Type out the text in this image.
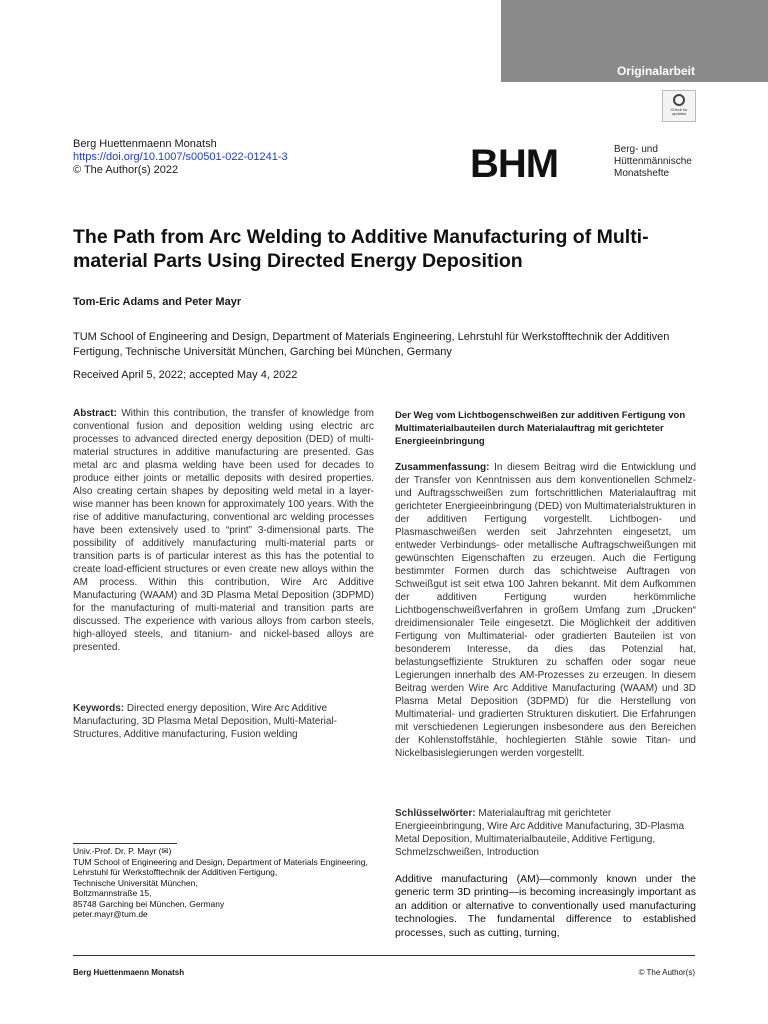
Originalarbeit
Check for
updates
Berg Huettenmaenn Monatsh
https://doi.org/10.1007/s00501-022-01241-3
© The Author(s) 2022	BHM	Berg- und
Hüttenmännische
Monatshefte
The Path from Arc Welding to Additive Manufacturing of Multi-material Parts Using Directed Energy Deposition
Tom-Eric Adams and Peter Mayr
TUM School of Engineering and Design, Department of Materials Engineering, Lehrstuhl für Werkstofftechnik der Additiven Fertigung, Technische Universität München, Garching bei München, Germany
Received April 5, 2022; accepted May 4, 2022
Abstract: Within this contribution, the transfer of knowledge from conventional fusion and deposition welding using electric arc processes to advanced directed energy deposition (DED) of multi-material structures in additive manufacturing are presented. Gas metal arc and plasma welding have been used for decades to produce either joints or metallic deposits with desired properties. Also creating certain shapes by depositing weld metal in a layer-wise manner has been known for approximately 100 years. With the rise of additive manufacturing, conventional arc welding processes have been extensively used to “print” 3-dimensional parts. The possibility of additively manufacturing multi-material parts or transition parts is of particular interest as this has the potential to create load-efficient structures or even create new alloys within the AM process. Within this contribution, Wire Arc Additive Manufacturing (WAAM) and 3D Plasma Metal Deposition (3DPMD) for the manufacturing of multi-material and transition parts are discussed. The experience with various alloys from carbon steels, high-alloyed steels, and titanium- and nickel-based alloys are presented.
Keywords: Directed energy deposition, Wire Arc Additive Manufacturing, 3D Plasma Metal Deposition, Multi-Material-Structures, Additive manufacturing, Fusion welding
Der Weg vom Lichtbogenschweißen zur additiven Fertigung von Multimaterialbauteilen durch Materialauftrag mit gerichteter Energieeinbringung
Zusammenfassung: In diesem Beitrag wird die Entwicklung und der Transfer von Kenntnissen aus dem konventionellen Schmelz- und Auftragsschweißen zum fortschrittlichen Materialauftrag mit gerichteter Energieeinbringung (DED) von Multimaterialstrukturen in der additiven Fertigung vorgestellt. Lichtbogen- und Plasmaschweißen werden seit Jahrzehnten eingesetzt, um entweder Verbindungs- oder metallische Auftragschweißungen mit gewünschten Eigenschaften zu erzeugen. Auch die Fertigung bestimmter Formen durch das schichtweise Auftragen von Schweißgut ist seit etwa 100 Jahren bekannt. Mit dem Aufkommen der additiven Fertigung wurden herkömmliche Lichtbogenschweißverfahren in großem Umfang zum „Drucken“ dreidimensionaler Teile eingesetzt. Die Möglichkeit der additiven Fertigung von Multimaterial- oder gradierten Bauteilen ist von besonderem Interesse, da dies das Potenzial hat, belastungseffiziente Strukturen zu schaffen oder sogar neue Legierungen innerhalb des AM-Prozesses zu erzeugen. In diesem Beitrag werden Wire Arc Additive Manufacturing (WAAM) und 3D Plasma Metal Deposition (3DPMD) für die Herstellung von Multimaterial- und gradierten Strukturen diskutiert. Die Erfahrungen mit verschiedenen Legierungen insbesondere aus den Bereichen der Kohlenstoffstähle, hochlegierten Stähle sowie Titan- und Nickelbasislegierungen werden vorgestellt.
Schlüsselwörter: Materialauftrag mit gerichteter Energieeinbringung, Wire Arc Additive Manufacturing, 3D-Plasma Metal Deposition, Multimaterialbauteile, Additive Fertigung, Schmelzschweißen, Introduction
Additive manufacturing (AM)—commonly known under the generic term 3D printing—is becoming increasingly important as an addition or alternative to conventionally used manufacturing technologies. The fundamental difference to established processes, such as cutting, turning,
Univ.-Prof. Dr. P. Mayr (✉)
TUM School of Engineering and Design, Department of Materials Engineering, Lehrstuhl für Werkstofftechnik der Additiven Fertigung,
Technische Universität München,
Boltzmannstraße 15,
85748 Garching bei München, Germany
peter.mayr@tum.de
Berg Huettenmaenn Monatsh	© The Author(s)
